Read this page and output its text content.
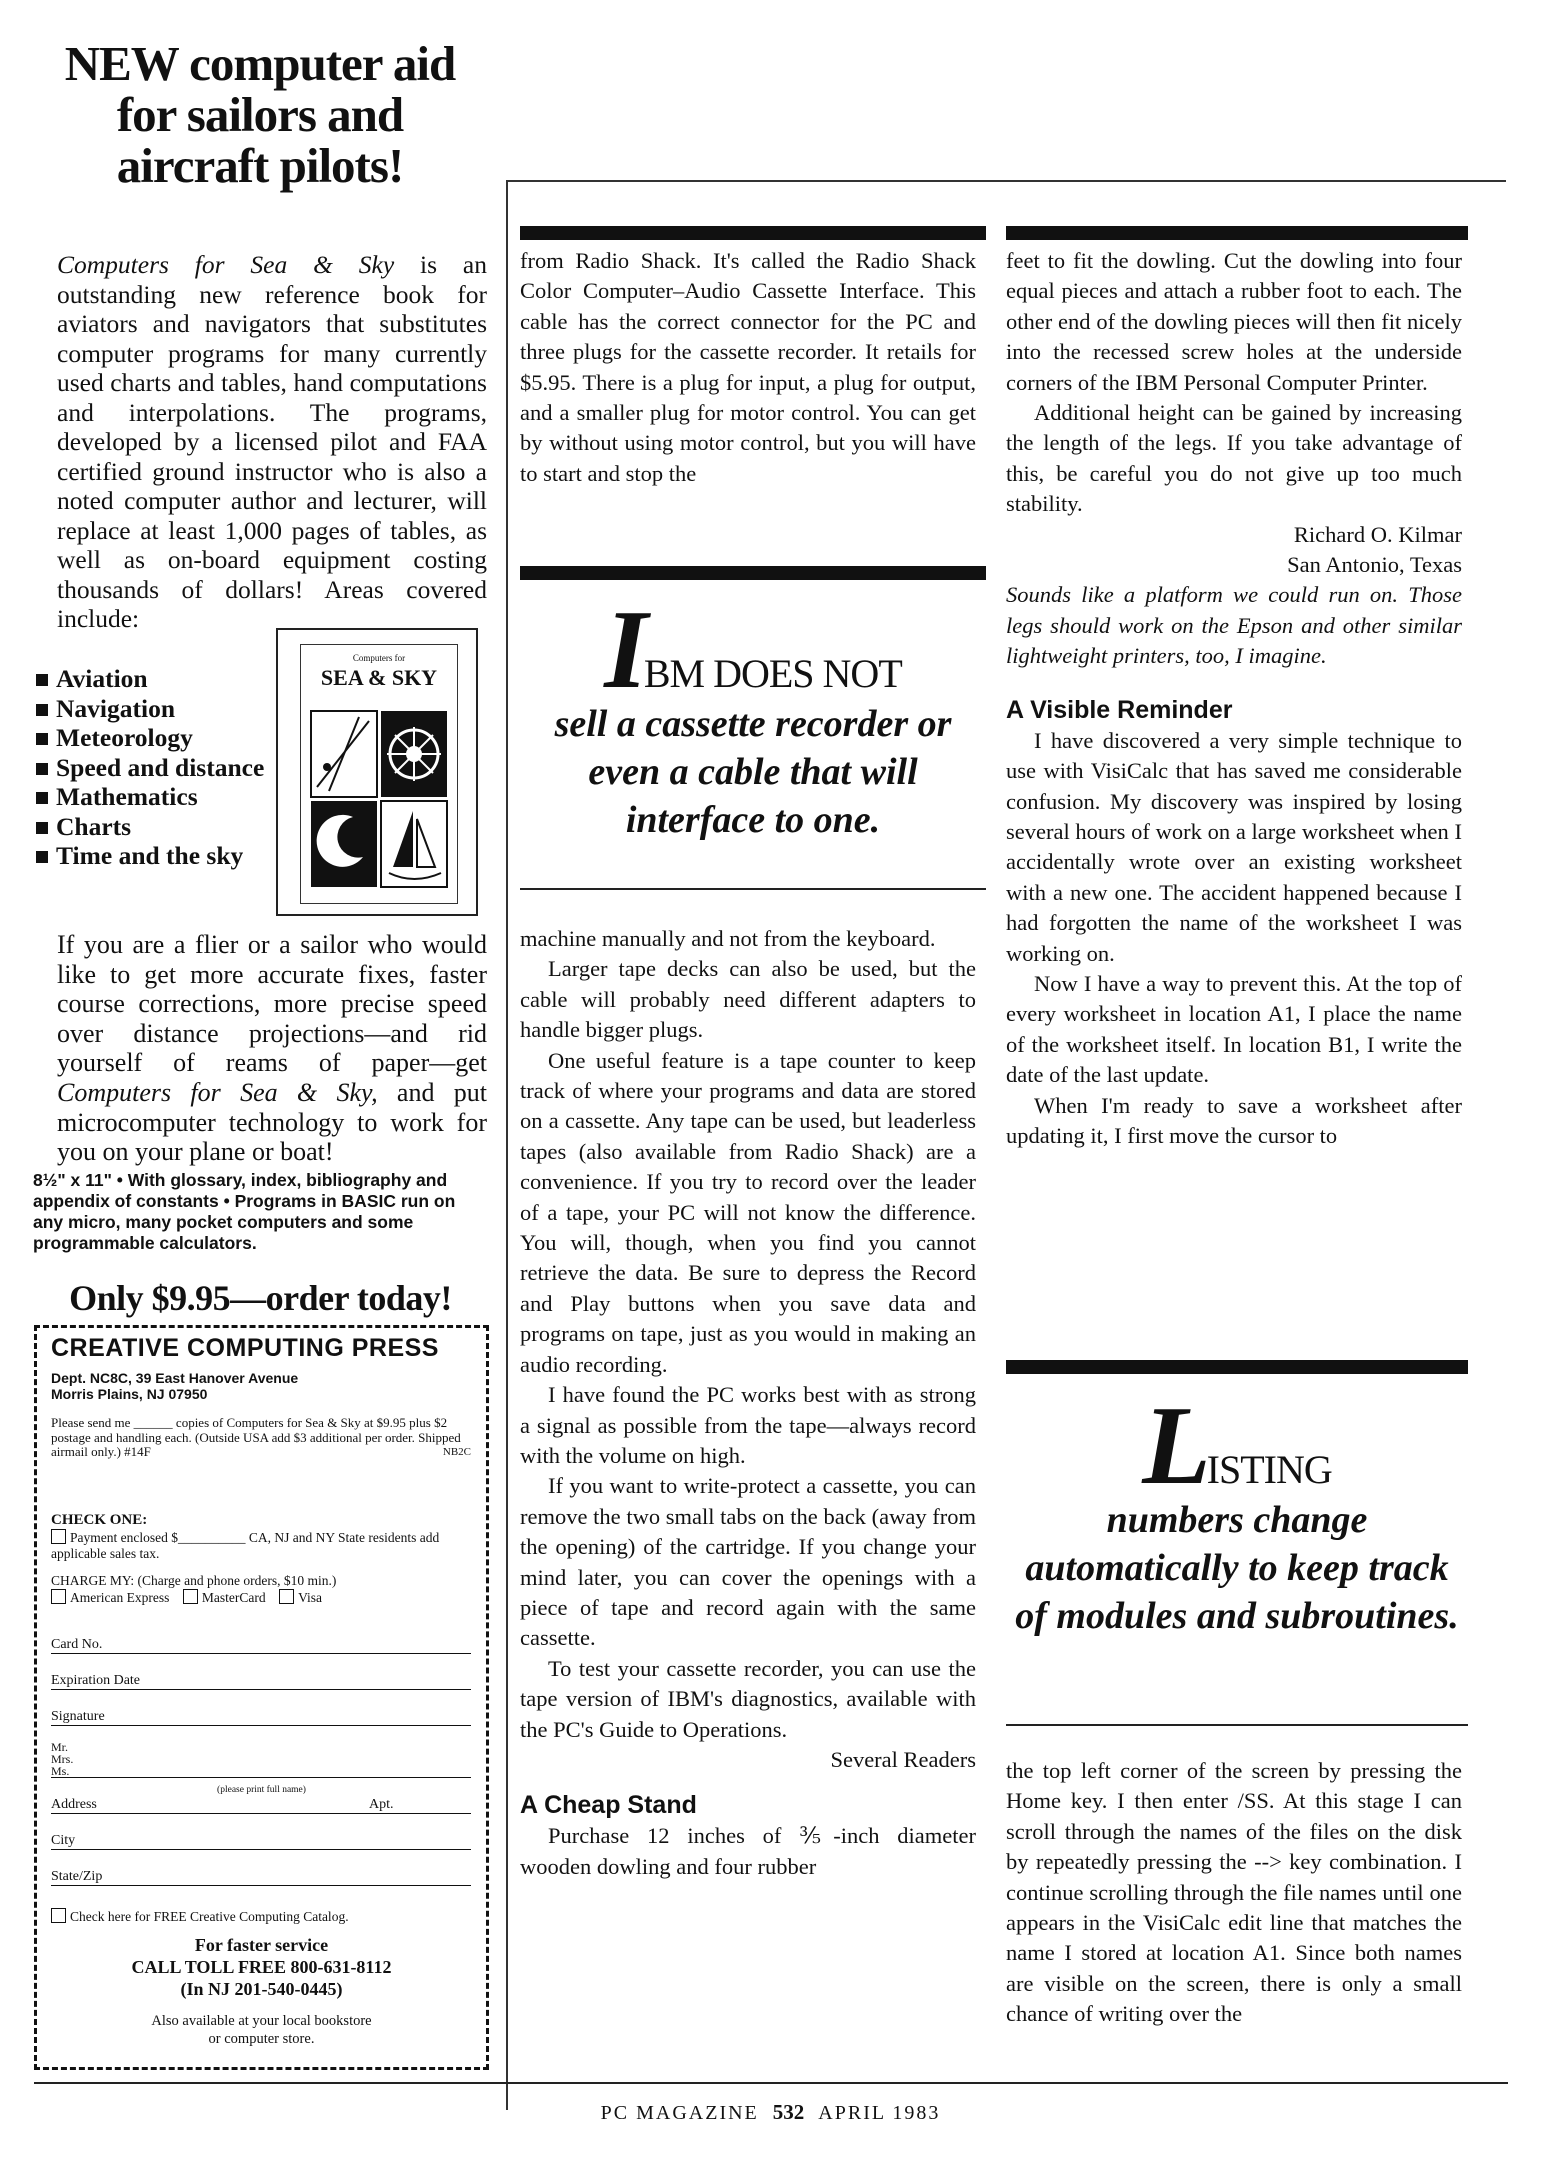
NEW computer aid for sailors and aircraft pilots!
Computers for Sea & Sky is an outstanding new reference book for aviators and navigators that substitutes computer programs for many currently used charts and tables, hand computations and interpolations. The programs, developed by a licensed pilot and FAA certified ground instructor who is also a noted computer author and lecturer, will replace at least 1,000 pages of tables, as well as on-board equipment costing thousands of dollars! Areas covered include:
Aviation
Navigation
Meteorology
Speed and distance
Mathematics
Charts
Time and the sky
Computers for
SEA & SKY
If you are a flier or a sailor who would like to get more accurate fixes, faster course corrections, more precise speed over distance projections—and rid yourself of reams of paper—get Computers for Sea & Sky, and put microcomputer technology to work for you on your plane or boat!
8½" x 11" • With glossary, index, bibliography and appendix of constants • Programs in BASIC run on any micro, many pocket computers and some programmable calculators.
Only $9.95—order today!
CREATIVE COMPUTING PRESS
Dept. NC8C, 39 East Hanover Avenue
Morris Plains, NJ 07950
Please send me ______ copies of Computers for Sea & Sky at $9.95 plus $2 postage and handling each. (Outside USA add $3 additional per order. Shipped airmail only.) #14F	NB2C
CHECK ONE:
Payment enclosed $__________ CA, NJ and NY State residents add applicable sales tax.
CHARGE MY: (Charge and phone orders, $10 min.)
American Express MasterCard Visa
Card No.
Expiration Date
Signature
Mr. Mrs. Ms.
(please print full name)
Address	Apt.
City
State/Zip
Check here for FREE Creative Computing Catalog.
For faster service
CALL TOLL FREE 800-631-8112
(In NJ 201-540-0445)
Also available at your local bookstore or computer store.

from Radio Shack. It's called the Radio Shack Color Computer–Audio Cassette Interface. This cable has the correct connector for the PC and three plugs for the cassette recorder. It retails for $5.95. There is a plug for input, a plug for output, and a smaller plug for motor control. You can get by without using motor control, but you will have to start and stop the

IBM DOES NOT
sell a cassette recorder or even a cable that will interface to one.

machine manually and not from the keyboard.

Larger tape decks can also be used, but the cable will probably need different adapters to handle bigger plugs.

One useful feature is a tape counter to keep track of where your programs and data are stored on a cassette. Any tape can be used, but leaderless tapes (also available from Radio Shack) are a convenience. If you try to record over the leader of a tape, your PC will not know the difference. You will, though, when you find you cannot retrieve the data. Be sure to depress the Record and Play buttons when you save data and programs on tape, just as you would in making an audio recording.

I have found the PC works best with as strong a signal as possible from the tape—always record with the volume on high.

If you want to write-protect a cassette, you can remove the two small tabs on the back (away from the opening) of the cartridge. If you change your mind later, you can cover the openings with a piece of tape and record again with the same cassette.

To test your cassette recorder, you can use the tape version of IBM's diagnostics, available with the PC's Guide to Operations.

Several Readers

A Cheap Stand

Purchase 12 inches of ⅗-inch diameter wooden dowling and four rubber

feet to fit the dowling. Cut the dowling into four equal pieces and attach a rubber foot to each. The other end of the dowling pieces will then fit nicely into the recessed screw holes at the underside corners of the IBM Personal Computer Printer.

Additional height can be gained by increasing the length of the legs. If you take advantage of this, be careful you do not give up too much stability.

Richard O. Kilmar

San Antonio, Texas

Sounds like a platform we could run on. Those legs should work on the Epson and other similar lightweight printers, too, I imagine.

A Visible Reminder

I have discovered a very simple technique to use with VisiCalc that has saved me considerable confusion. My discovery was inspired by losing several hours of work on a large worksheet when I accidentally wrote over an existing worksheet with a new one. The accident happened because I had forgotten the name of the worksheet I was working on.

Now I have a way to prevent this. At the top of every worksheet in location A1, I place the name of the worksheet itself. In location B1, I write the date of the last update.

When I'm ready to save a worksheet after updating it, I first move the cursor to

LISTING
numbers change automatically to keep track of modules and subroutines.

the top left corner of the screen by pressing the Home key. I then enter /SS. At this stage I can scroll through the names of the files on the disk by repeatedly pressing the --> key combination. I continue scrolling through the file names until one appears in the VisiCalc edit line that matches the name I stored at location A1. Since both names are visible on the screen, there is only a small chance of writing over the

PC MAGAZINE 532 APRIL 1983
